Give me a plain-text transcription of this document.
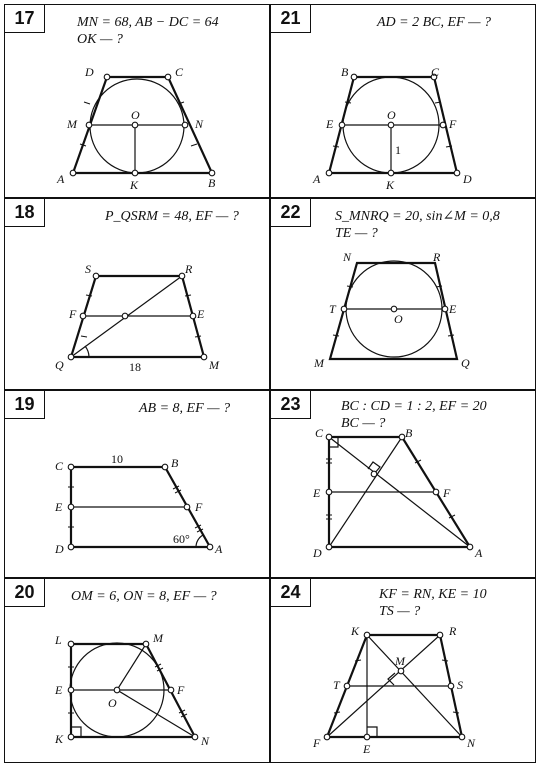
17	MN = 68, AB − DC = 64
OK — ?
D	C
M
O
N
A	K	B
21	AD = 2 BC, EF — ?
B	C
E
O
F
1
A	K	D
18	P_QSRM = 48, EF — ?
S	R
F	E
Q	18	M
22	S_MNRQ = 20, sin∠M = 0,8
TE — ?
N	R
T
O
E
M	Q
19	AB = 8, EF — ?
C	10	B
E	F
D
60°
A
23	BC : CD = 1 : 2, EF = 20
BC — ?
C	B
E	F
D	A
20	OM = 6, ON = 8, EF — ?
L	M
E
O
F
K	N
24	KF = RN, KE = 10
TS — ?
K	R
M
T	S
F	E	N
